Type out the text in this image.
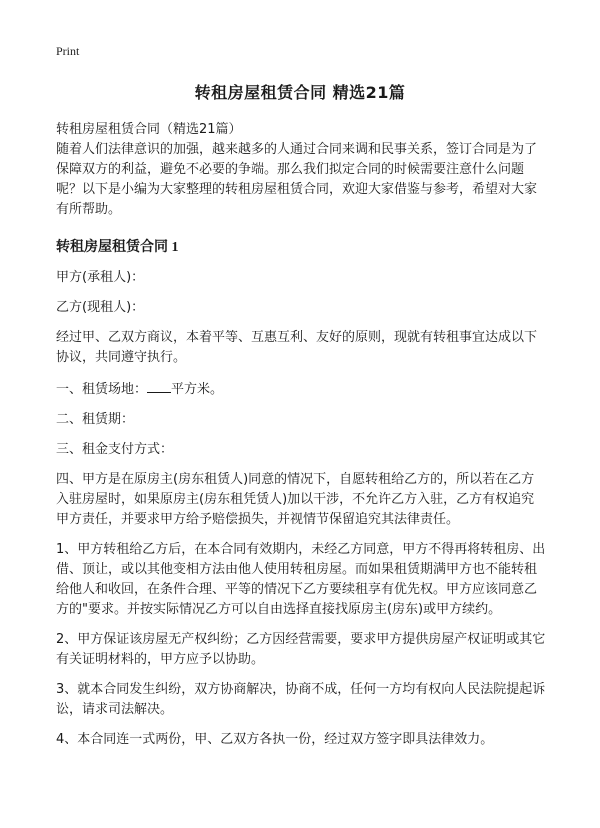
Print
转租房屋租赁合同 精选21篇

转租房屋租赁合同（精选21篇）

随着人们法律意识的加强，越来越多的人通过合同来调和民事关系，签订合同是为了保障双方的利益，避免不必要的争端。那么我们拟定合同的时候需要注意什么问题呢？以下是小编为大家整理的转租房屋租赁合同，欢迎大家借鉴与参考，希望对大家有所帮助。

转租房屋租赁合同 1

甲方(承租人)：

乙方(现租人)：

经过甲、乙双方商议，本着平等、互惠互利、友好的原则，现就有转租事宜达成以下协议，共同遵守执行。

一、租赁场地： 平方米。

二、租赁期：

三、租金支付方式：

四、甲方是在原房主(房东租赁人)同意的情况下，自愿转租给乙方的，所以若在乙方入驻房屋时，如果原房主(房东租凭赁人)加以干涉，不允许乙方入驻，乙方有权追究甲方责任，并要求甲方给予赔偿损失，并视情节保留追究其法律责任。

1、甲方转租给乙方后，在本合同有效期内，未经乙方同意，甲方不得再将转租房、出借、顶让，或以其他变相方法由他人使用转租房屋。而如果租赁期满甲方也不能转租给他人和收回，在条件合理、平等的情况下乙方要续租享有优先权。甲方应该同意乙方的"要求。并按实际情况乙方可以自由选择直接找原房主(房东)或甲方续约。

2、甲方保证该房屋无产权纠纷；乙方因经营需要，要求甲方提供房屋产权证明或其它有关证明材料的，甲方应予以协助。

3、就本合同发生纠纷，双方协商解决，协商不成，任何一方均有权向人民法院提起诉讼，请求司法解决。

4、本合同连一式两份，甲、乙双方各执一份，经过双方签字即具法律效力。
